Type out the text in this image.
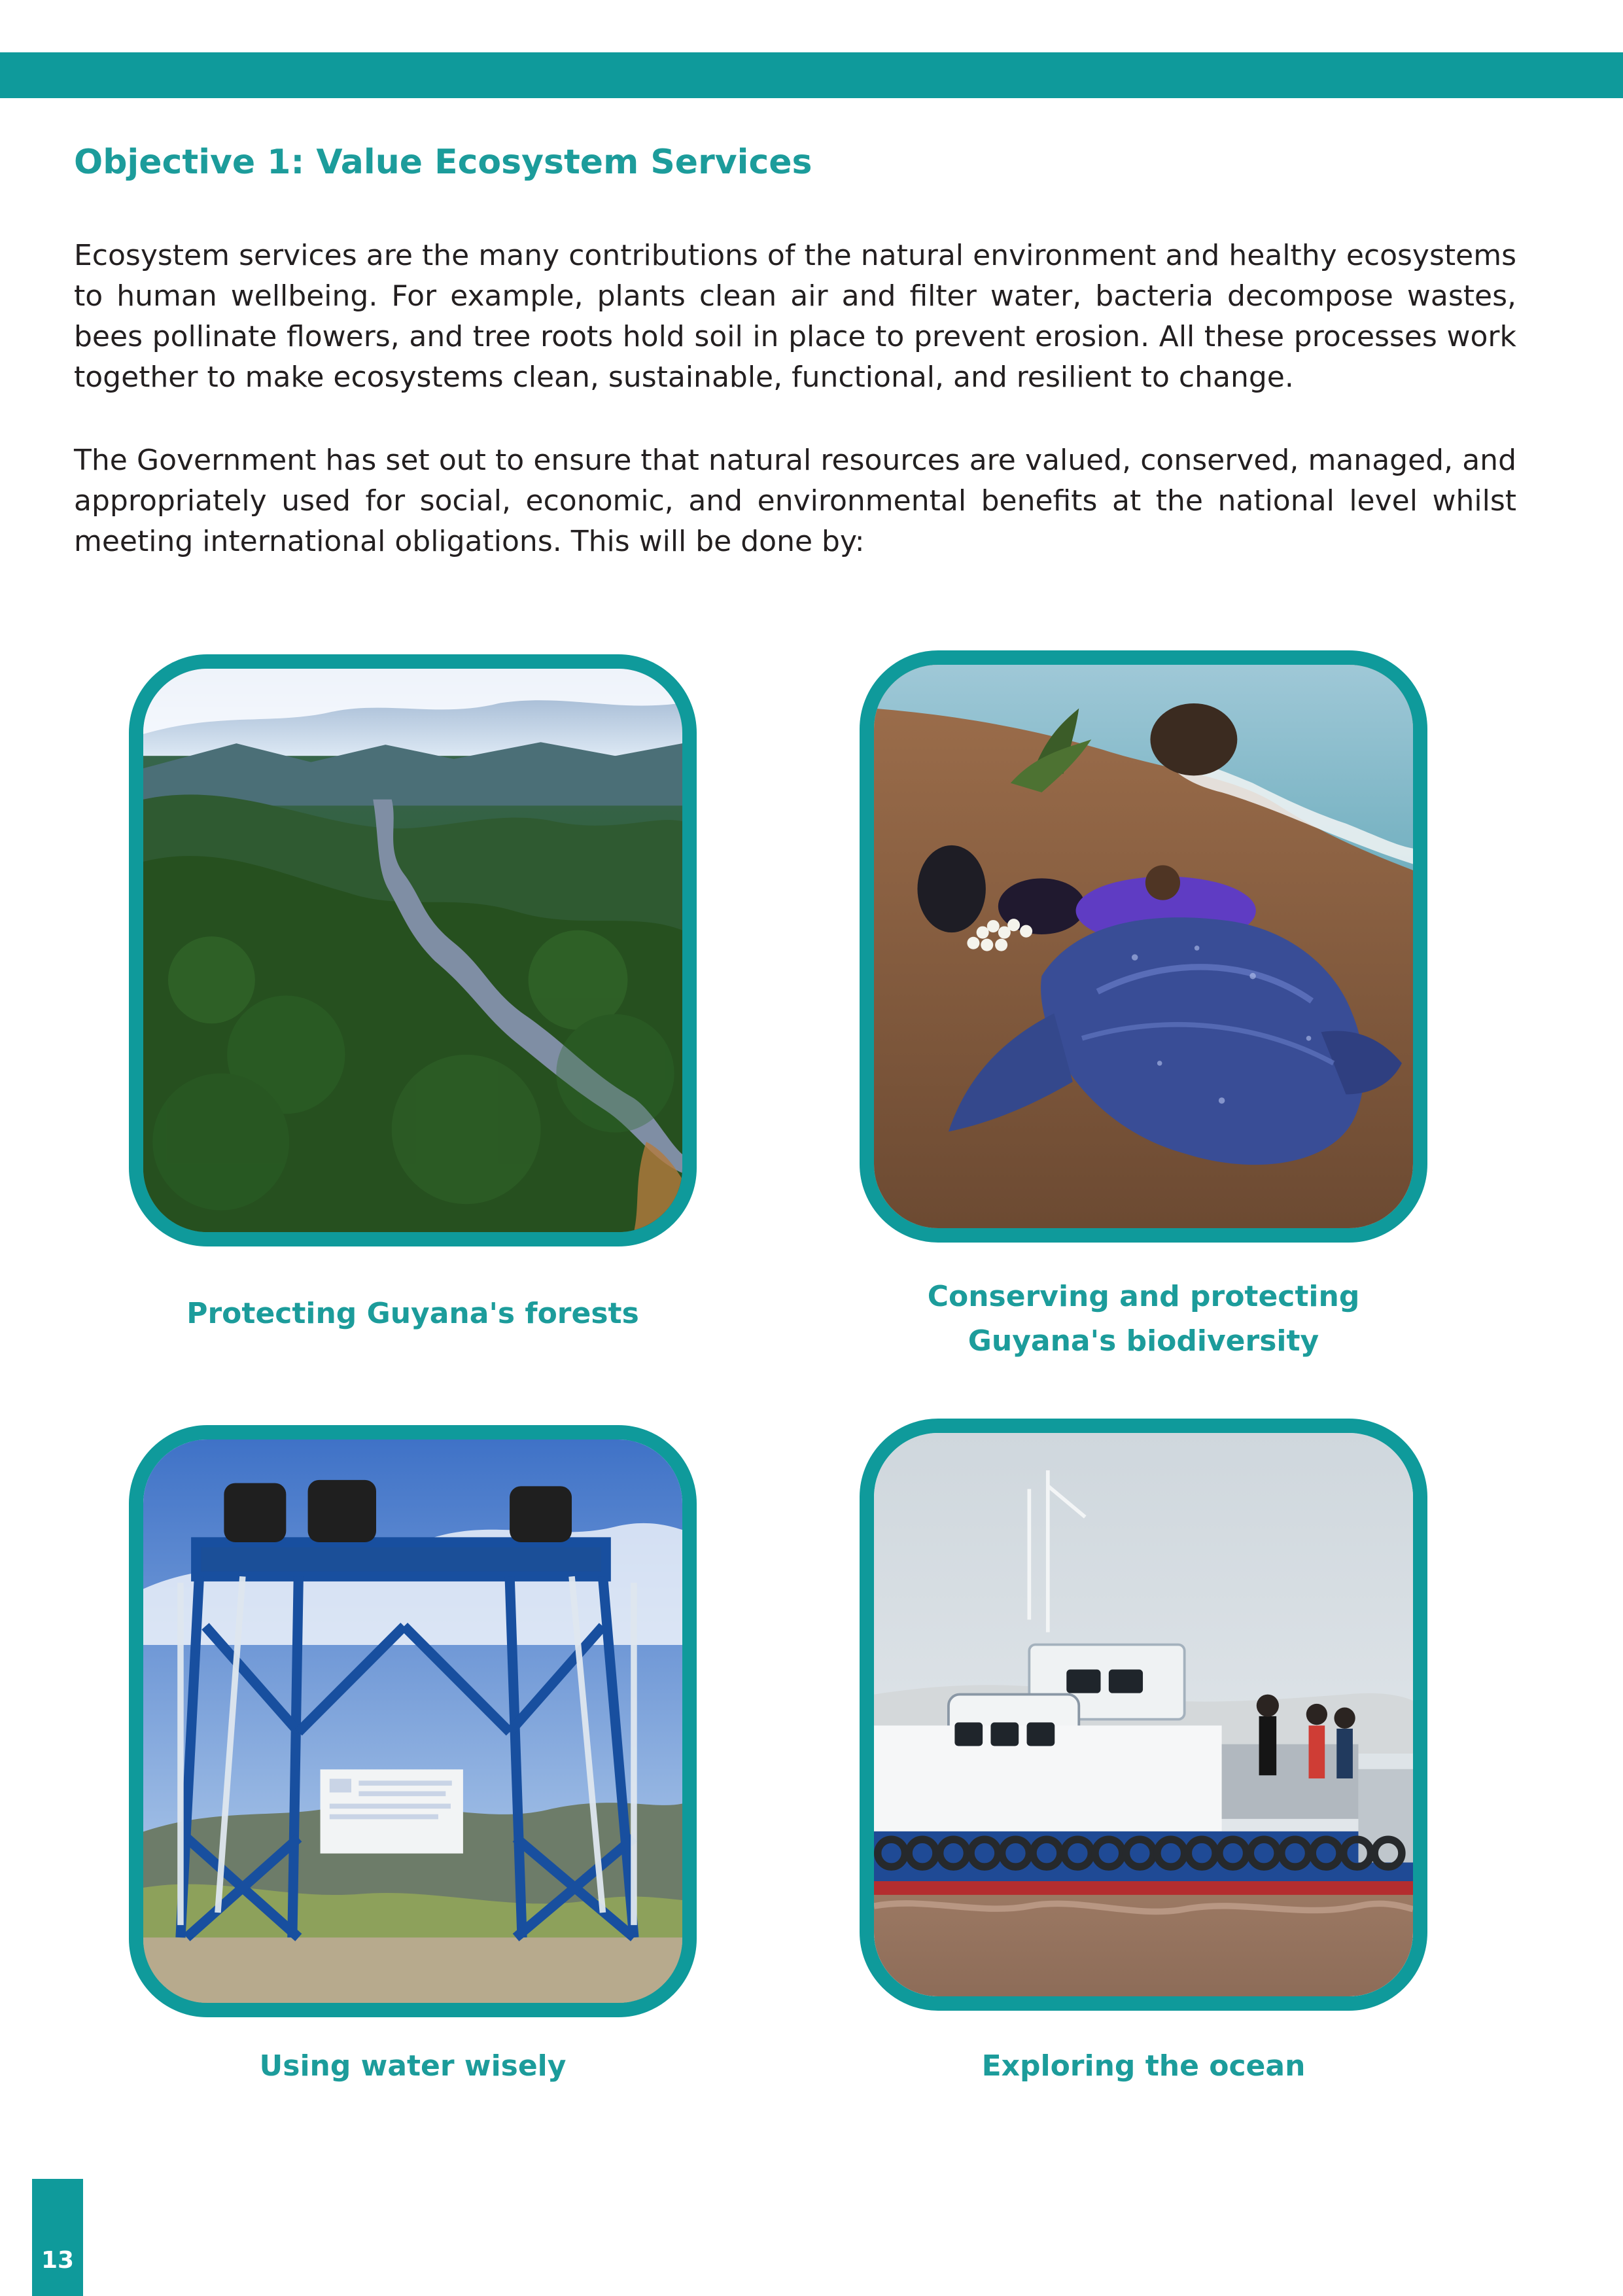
Objective 1: Value Ecosystem Services

Ecosystem services are the many contributions of the natural environment and healthy ecosystems to human wellbeing. For example, plants clean air and filter water, bacteria decompose wastes, bees pollinate flowers, and tree roots hold soil in place to prevent erosion. All these processes work together to make ecosystems clean, sustainable, functional, and resilient to change.

The Government has set out to ensure that natural resources are valued, conserved, managed, and appropriately used for social, economic, and environmental benefits at the national level whilst meeting international obligations. This will be done by:

Protecting Guyana's forests

Conserving and protecting
Guyana's biodiversity

Using water wisely	Exploring the ocean

13
